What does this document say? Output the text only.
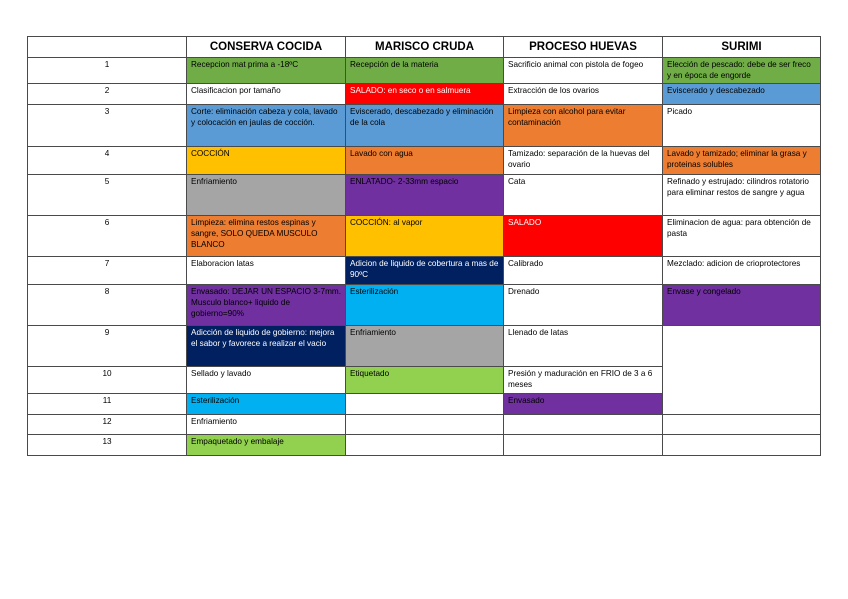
	CONSERVA COCIDA	MARISCO CRUDA	PROCESO HUEVAS	SURIMI
1	Recepcion mat prima a -18ºC	Recepción de la materia	Sacrificio animal con pistola de fogeo	Elección de pescado: debe de ser freco y en época de engorde
2	Clasificacion por tamaño	SALADO: en seco o en salmuera	Extracción de los ovarios	Eviscerado y descabezado
3	Corte: eliminación cabeza y cola, lavado y colocación en jaulas de cocción.	Eviscerado, descabezado y eliminación de la cola	Limpieza con alcohol para evitar contaminación	Picado
4	COCCIÓN	Lavado con agua	Tamizado: separación de la huevas del ovario	Lavado y tamizado; eliminar la grasa y proteinas solubles
5	Enfriamiento	ENLATADO- 2-33mm espacio	Cata	Refinado y estrujado: cilindros rotatorio para eliminar restos de sangre y agua
6	Limpieza: elimina restos espinas y sangre, SOLO QUEDA MUSCULO BLANCO	COCCIÓN: al vapor	SALADO	Eliminacion de agua: para obtención de pasta
7	Elaboracion latas	Adicion de liquido de cobertura a mas de 90ºC	Calibrado	Mezclado: adicion de crioprotectores
8	Envasado: DEJAR UN ESPACIO 3-7mm. Musculo blanco+ liquido de gobierno=90%	Esterilización	Drenado	Envase y congelado
9	Adicción de liquido de gobierno: mejora el sabor y favorece a realizar el vacio	Enfriamiento	Llenado de latas	
10	Sellado y lavado	Etiquetado	Presión y maduración en FRIO de 3 a 6 meses	
11	Esterilización		Envasado	
12	Enfriamiento			
13	Empaquetado y embalaje			
